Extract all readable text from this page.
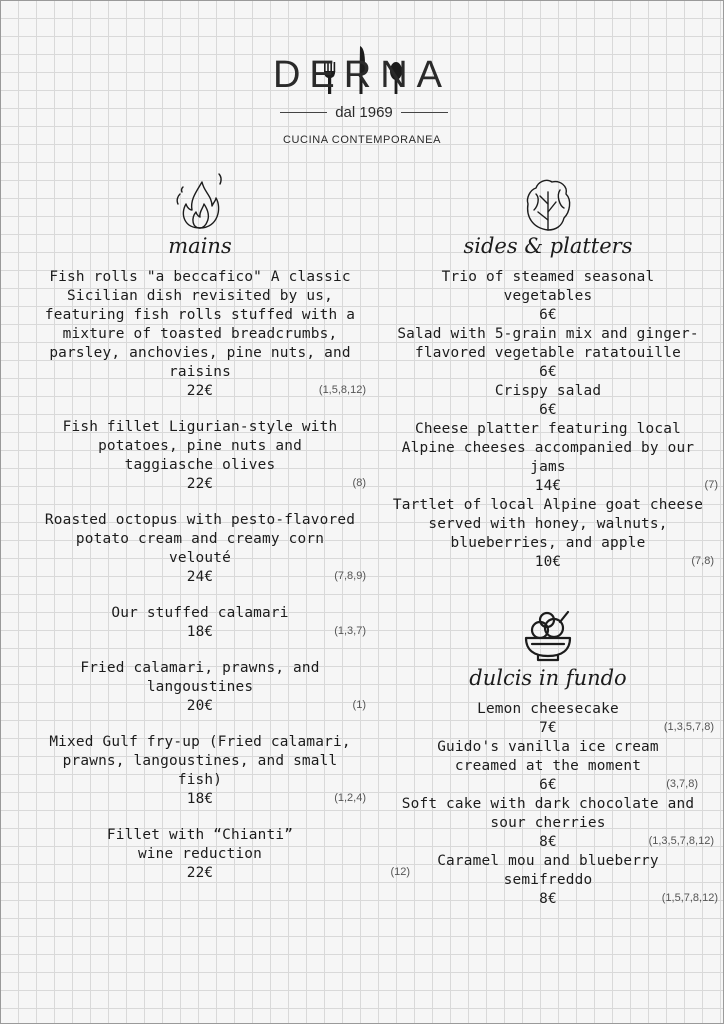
DERNA
dal 1969
CUCINA CONTEMPORANEA
mains
Fish rolls "a beccafico" A classic Sicilian dish revisited by us, featuring fish rolls stuffed with a mixture of toasted breadcrumbs, parsley, anchovies, pine nuts, and raisins
22€	(1,5,8,12)
Fish fillet Ligurian-style with potatoes, pine nuts and taggiasche olives
22€	(8)
Roasted octopus with pesto-flavored potato cream and creamy corn velouté
24€	(7,8,9)
Our stuffed calamari
18€	(1,3,7)
Fried calamari, prawns, and langoustines
20€	(1)
Mixed Gulf fry-up (Fried calamari, prawns, langoustines, and small fish)
18€	(1,2,4)
Fillet with “Chianti” wine reduction
22€	(12)
sides & platters
Trio of steamed seasonal vegetables
6€
Salad with 5-grain mix and ginger-flavored vegetable ratatouille
6€
Crispy salad
6€
Cheese platter featuring local Alpine cheeses accompanied by our jams
14€	(7)
Tartlet of local Alpine goat cheese served with honey, walnuts, blueberries, and apple
10€	(7,8)
dulcis in fundo
Lemon cheesecake
7€	(1,3,5,7,8)
Guido's vanilla ice cream creamed at the moment
6€	(3,7,8)
Soft cake with dark chocolate and sour cherries
8€	(1,3,5,7,8,12)
Caramel mou and blueberry semifreddo
8€	(1,5,7,8,12)
